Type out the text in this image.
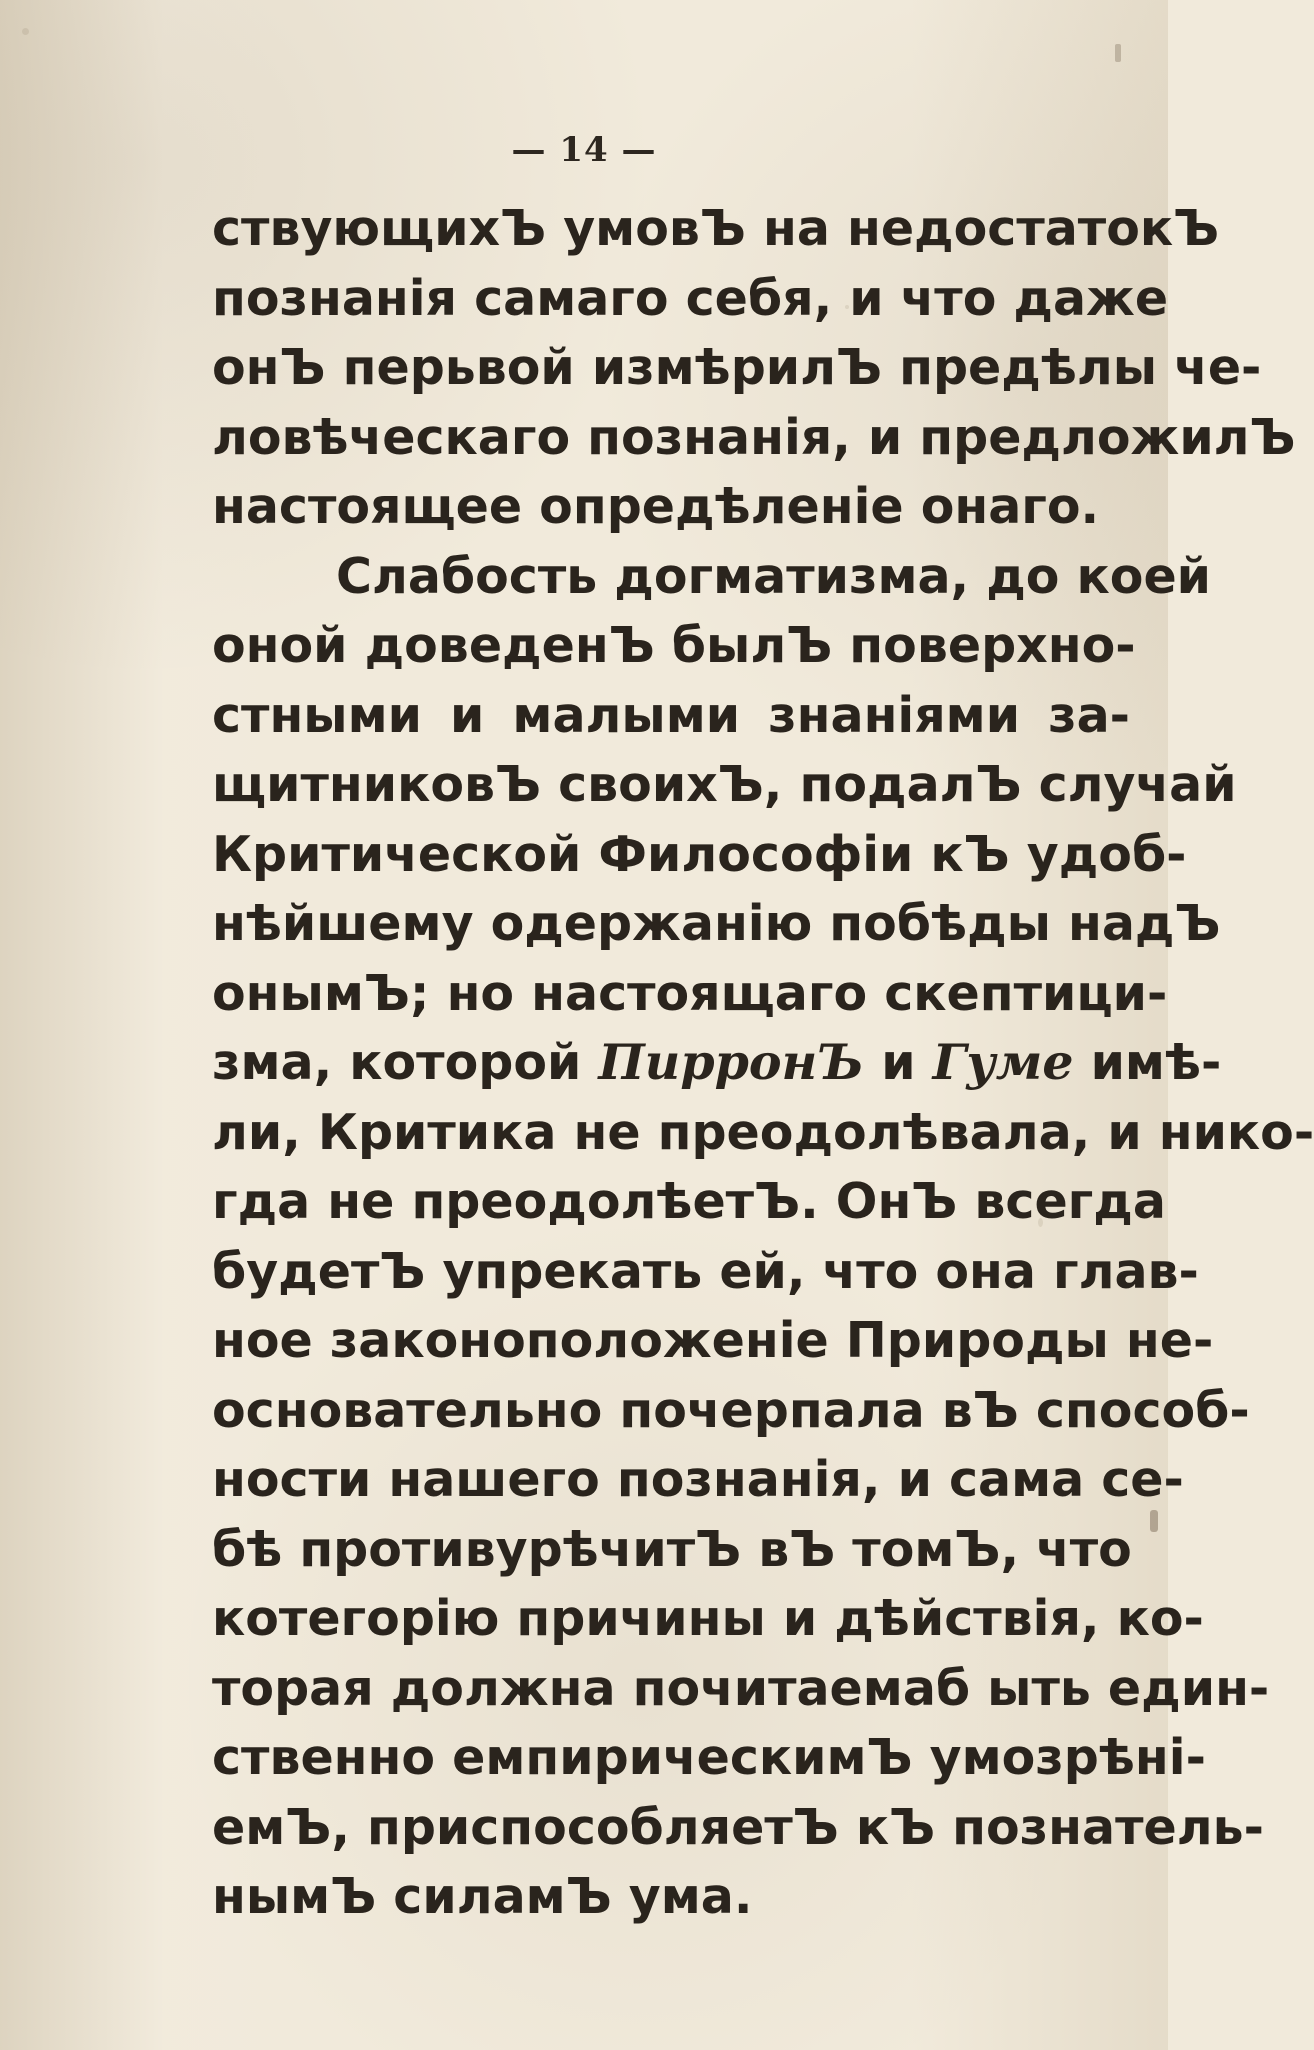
— 14 —
ствующихЪ умовЪ на недостатокЪ
познанія самаго себя, и что даже
онЪ перьвой измѣрилЪ предѣлы че-
ловѣческаго познанія, и предложилЪ
настоящее опредѣленіе онаго.
Слабость догматизма, до коей
оной доведенЪ былЪ поверхно-
стными и малыми знаніями за-
щитниковЪ своихЪ, подалЪ случай
Критической Философіи кЪ удоб-
нѣйшему одержанію побѣды надЪ
онымЪ; но настоящаго скептици-
зма, которой ПирронЪ и Гуме имѣ-
ли, Критика не преодолѣвала, и нико-
гда не преодолѣетЪ. ОнЪ всегда
будетЪ упрекать ей, что она глав-
ное законоположеніе Природы не-
основательно почерпала вЪ способ-
ности нашего познанія, и сама се-
бѣ противурѣчитЪ вЪ томЪ, что
котегорію причины и дѣйствія, ко-
торая должна почитаемаб ыть един-
ственно емпирическимЪ умозрѣні-
емЪ, приспособляетЪ кЪ познатель-
нымЪ силамЪ ума.
